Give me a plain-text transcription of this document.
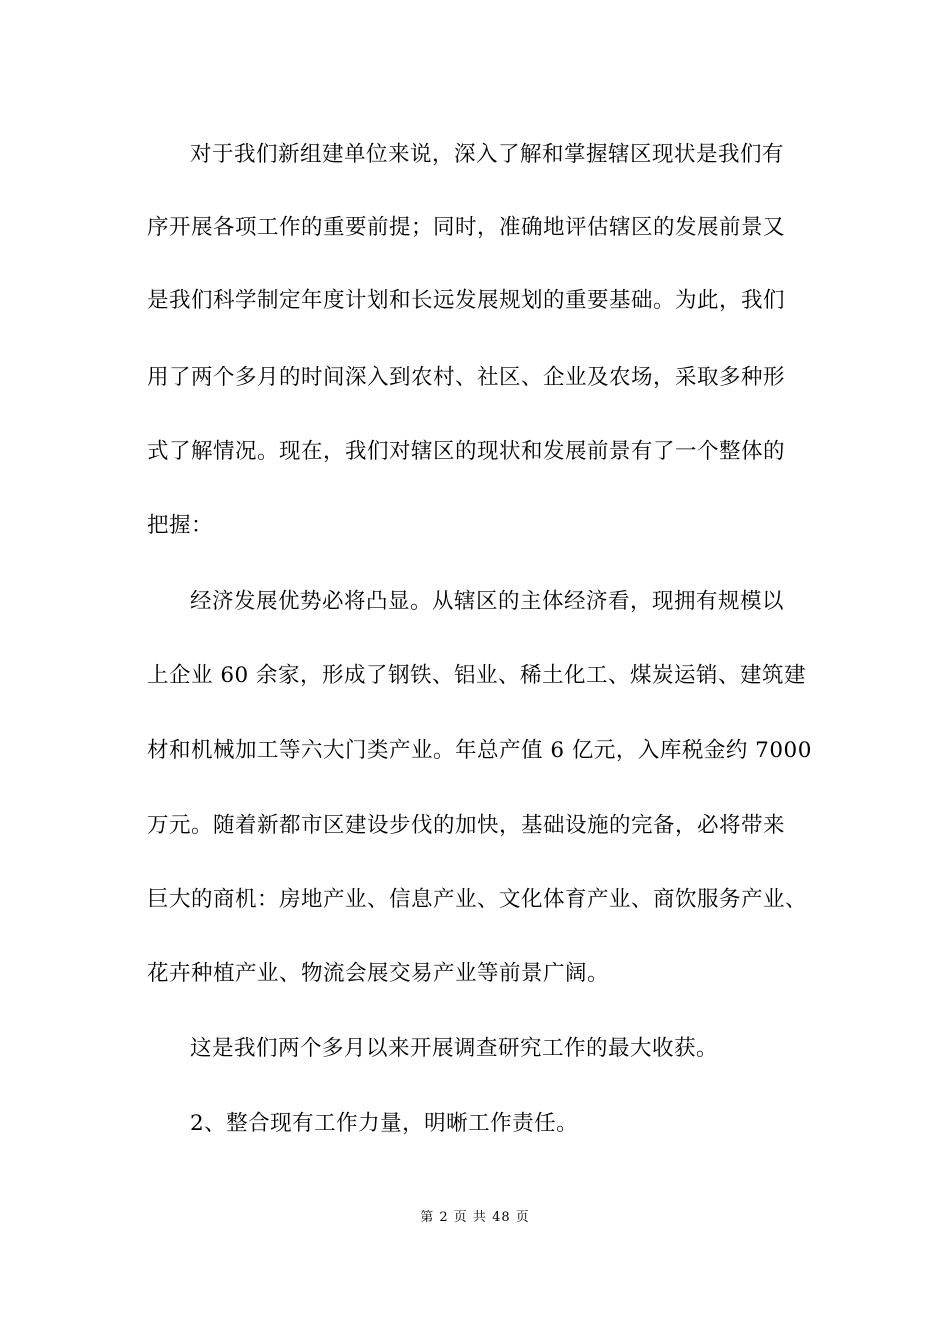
对于我们新组建单位来说，深入了解和掌握辖区现状是我们有
序开展各项工作的重要前提；同时，准确地评估辖区的发展前景又
是我们科学制定年度计划和长远发展规划的重要基础。为此，我们
用了两个多月的时间深入到农村、社区、企业及农场，采取多种形
式了解情况。现在，我们对辖区的现状和发展前景有了一个整体的
把握：
经济发展优势必将凸显。从辖区的主体经济看，现拥有规模以
上企业 60 余家，形成了钢铁、铝业、稀土化工、煤炭运销、建筑建
材和机械加工等六大门类产业。年总产值 6 亿元，入库税金约 7000
万元。随着新都市区建设步伐的加快，基础设施的完备，必将带来
巨大的商机：房地产业、信息产业、文化体育产业、商饮服务产业、
花卉种植产业、物流会展交易产业等前景广阔。
这是我们两个多月以来开展调查研究工作的最大收获。
2、整合现有工作力量，明晰工作责任。
第 2 页 共 48 页
